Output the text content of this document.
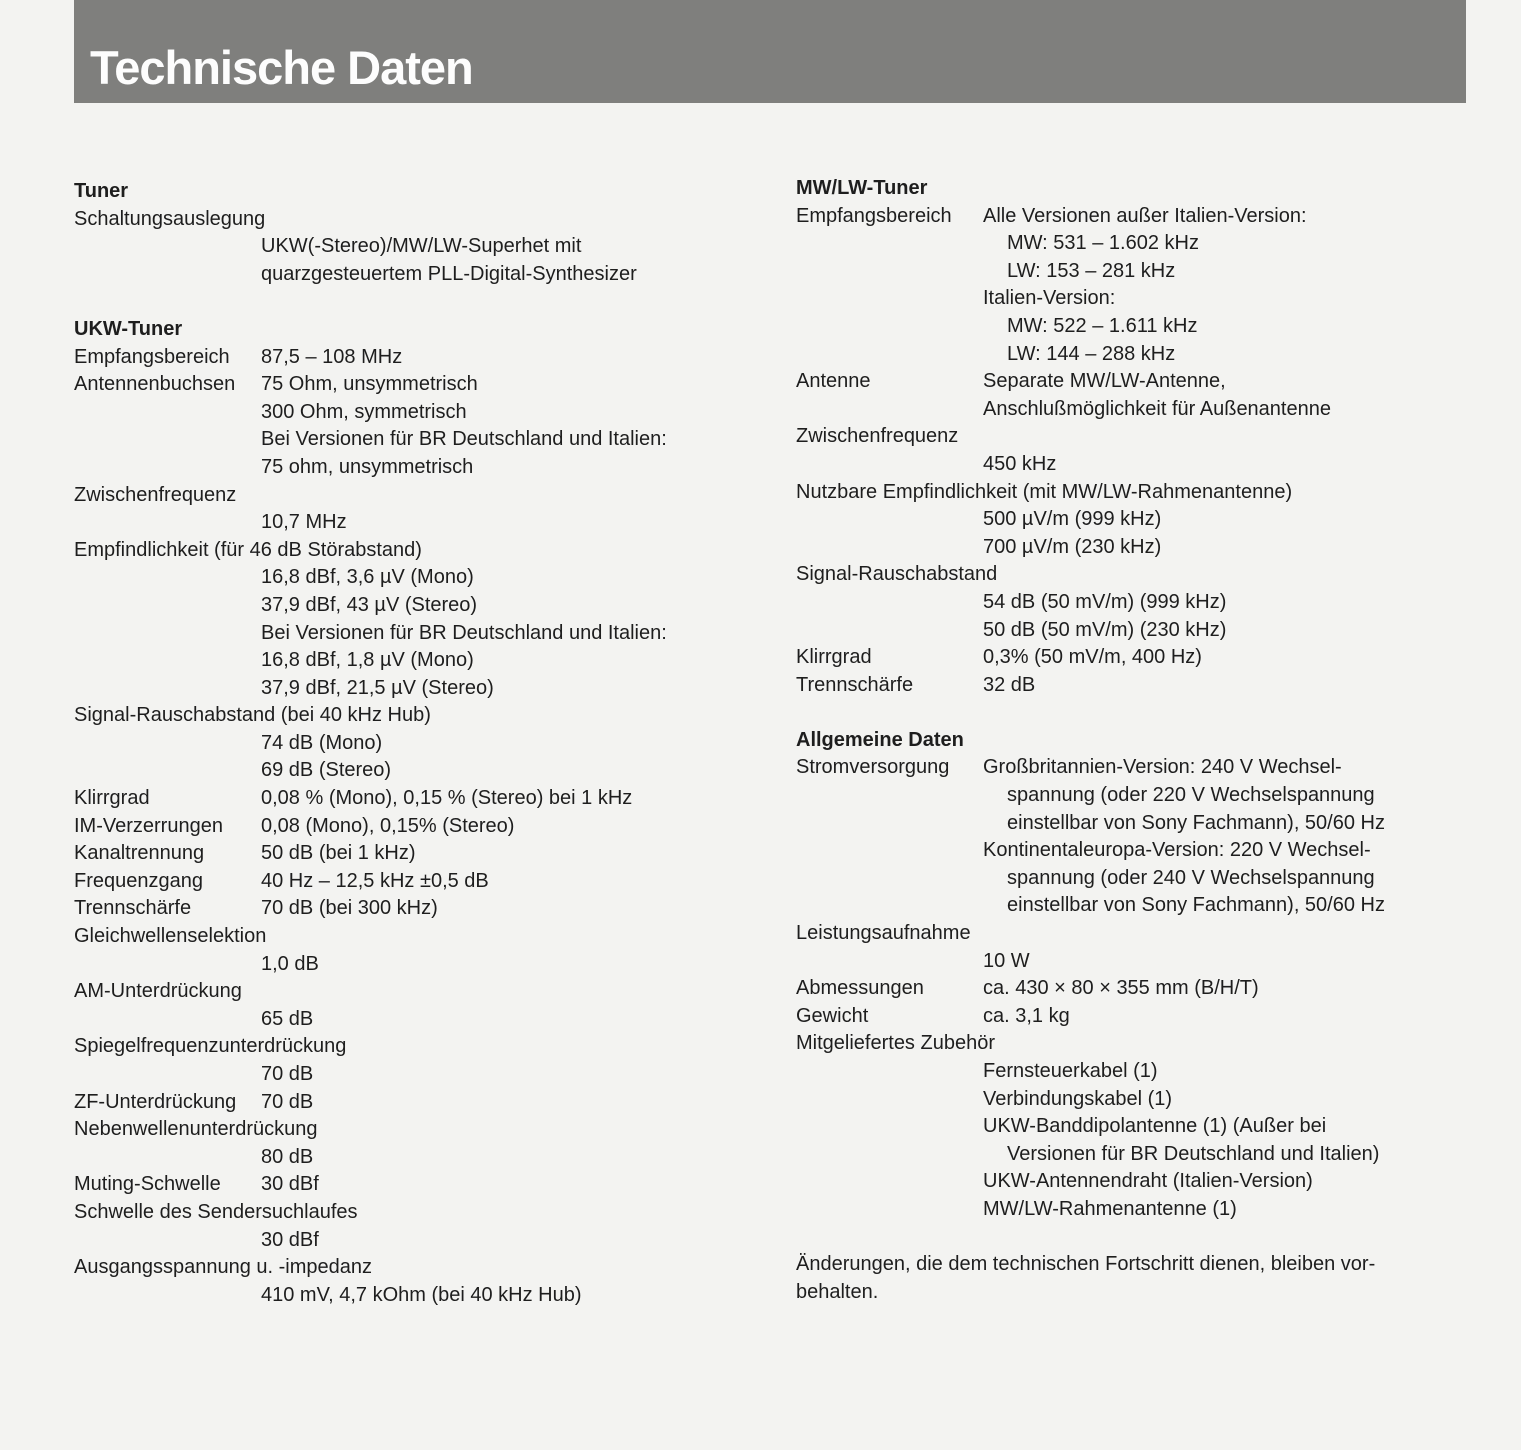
Technische Daten
Tuner
Schaltungsauslegung
UKW(-Stereo)/MW/LW-Superhet mit
quarzgesteuertem PLL-Digital-Synthesizer
UKW-Tuner
Empfangsbereich	87,5 – 108 MHz
Antennenbuchsen	75 Ohm, unsymmetrisch
300 Ohm, symmetrisch
Bei Versionen für BR Deutschland und Italien:
75 ohm, unsymmetrisch
Zwischenfrequenz
10,7 MHz
Empfindlichkeit (für 46 dB Störabstand)
16,8 dBf, 3,6 µV (Mono)
37,9 dBf, 43 µV (Stereo)
Bei Versionen für BR Deutschland und Italien:
16,8 dBf, 1,8 µV (Mono)
37,9 dBf, 21,5 µV (Stereo)
Signal-Rauschabstand (bei 40 kHz Hub)
74 dB (Mono)
69 dB (Stereo)
Klirrgrad	0,08 % (Mono), 0,15 % (Stereo) bei 1 kHz
IM-Verzerrungen	0,08 (Mono), 0,15% (Stereo)
Kanaltrennung	50 dB (bei 1 kHz)
Frequenzgang	40 Hz – 12,5 kHz ±0,5 dB
Trennschärfe	70 dB (bei 300 kHz)
Gleichwellenselektion
1,0 dB
AM-Unterdrückung
65 dB
Spiegelfrequenzunterdrückung
70 dB
ZF-Unterdrückung	70 dB
Nebenwellenunterdrückung
80 dB
Muting-Schwelle	30 dBf
Schwelle des Sendersuchlaufes
30 dBf
Ausgangsspannung u. -impedanz
410 mV, 4,7 kOhm (bei 40 kHz Hub)
MW/LW-Tuner
Empfangsbereich	Alle Versionen außer Italien-Version:
MW: 531 – 1.602 kHz
LW: 153 – 281 kHz
Italien-Version:
MW: 522 – 1.611 kHz
LW: 144 – 288 kHz
Antenne	Separate MW/LW-Antenne,
Anschlußmöglichkeit für Außenantenne
Zwischenfrequenz
450 kHz
Nutzbare Empfindlichkeit (mit MW/LW-Rahmenantenne)
500 µV/m (999 kHz)
700 µV/m (230 kHz)
Signal-Rauschabstand
54 dB (50 mV/m) (999 kHz)
50 dB (50 mV/m) (230 kHz)
Klirrgrad	0,3% (50 mV/m, 400 Hz)
Trennschärfe	32 dB
Allgemeine Daten
Stromversorgung	Großbritannien-Version: 240 V Wechsel-
spannung (oder 220 V Wechselspannung
einstellbar von Sony Fachmann), 50/60 Hz
Kontinentaleuropa-Version: 220 V Wechsel-
spannung (oder 240 V Wechselspannung
einstellbar von Sony Fachmann), 50/60 Hz
Leistungsaufnahme
10 W
Abmessungen	ca. 430 × 80 × 355 mm (B/H/T)
Gewicht	ca. 3,1 kg
Mitgeliefertes Zubehör
Fernsteuerkabel (1)
Verbindungskabel (1)
UKW-Banddipolantenne (1) (Außer bei
Versionen für BR Deutschland und Italien)
UKW-Antennendraht (Italien-Version)
MW/LW-Rahmenantenne (1)
Änderungen, die dem technischen Fortschritt dienen, bleiben vor-
behalten.
